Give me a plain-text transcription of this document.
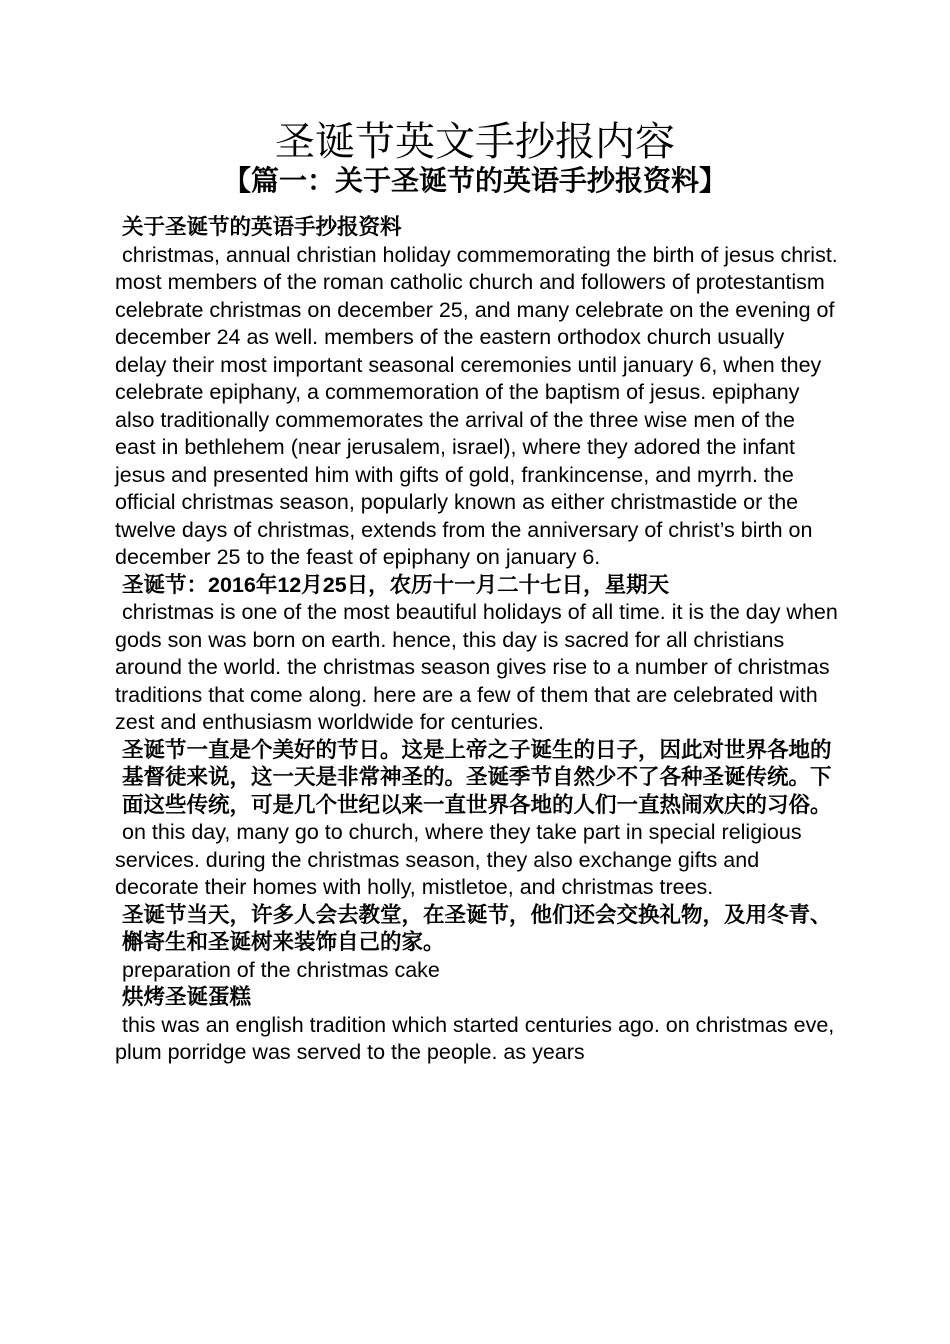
圣诞节英文手抄报内容
【篇一：关于圣诞节的英语手抄报资料】

关于圣诞节的英语手抄报资料

christmas, annual christian holiday commemorating the birth of jesus christ. most members of the roman catholic church and followers of protestantism celebrate christmas on december 25, and many celebrate on the evening of december 24 as well. members of the eastern orthodox church usually delay their most important seasonal ceremonies until january 6, when they celebrate epiphany, a commemoration of the baptism of jesus. epiphany also traditionally commemorates the arrival of the three wise men of the east in bethlehem (near jerusalem, israel), where they adored the infant jesus and presented him with gifts of gold, frankincense, and myrrh. the official christmas season, popularly known as either christmastide or the twelve days of christmas, extends from the anniversary of christ’s birth on december 25 to the feast of epiphany on january 6.

圣诞节：2016年12月25日，农历十一月二十七日，星期天

christmas is one of the most beautiful holidays of all time. it is the day when gods son was born on earth. hence, this day is sacred for all christians around the world. the christmas season gives rise to a number of christmas traditions that come along. here are a few of them that are celebrated with zest and enthusiasm worldwide for centuries.

圣诞节一直是个美好的节日。这是上帝之子诞生的日子，因此对世界各地的基督徒来说，这一天是非常神圣的。圣诞季节自然少不了各种圣诞传统。下面这些传统，可是几个世纪以来一直世界各地的人们一直热闹欢庆的习俗。

on this day, many go to church, where they take part in special religious services. during the christmas season, they also exchange gifts and decorate their homes with holly, mistletoe, and christmas trees.

圣诞节当天，许多人会去教堂，在圣诞节，他们还会交换礼物，及用冬青、槲寄生和圣诞树来装饰自己的家。

preparation of the christmas cake

烘烤圣诞蛋糕

this was an english tradition which started centuries ago. on christmas eve, plum porridge was served to the people. as years
